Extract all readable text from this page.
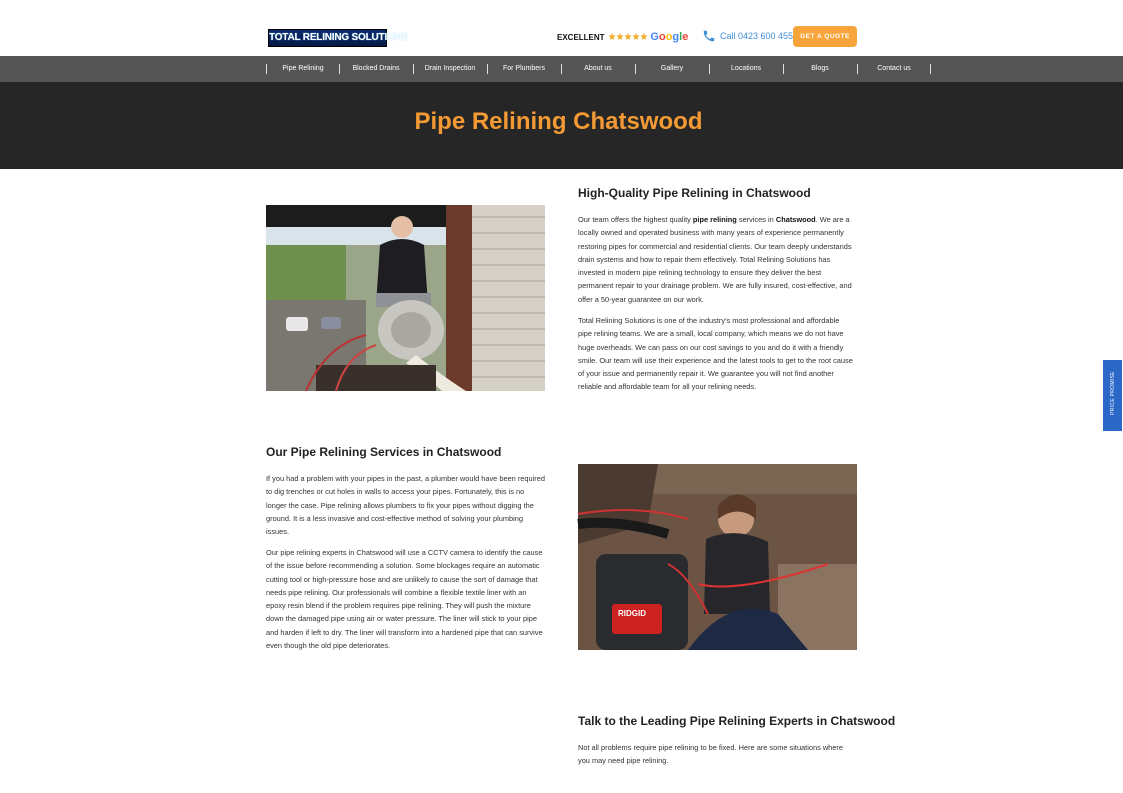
TOTAL RELINING SOLUTIONS	EXCELLENT ★★★★★ Google	Call 0423 600 455	GET A QUOTE
Pipe Relining	Blocked Drains	Drain Inspection	For Plumbers	About us	Gallery	Locations	Blogs	Contact us
Pipe Relining Chatswood
PRICE PROMISE
High-Quality Pipe Relining in Chatswood

Our team offers the highest quality pipe relining services in Chatswood. We are a locally owned and operated business with many years of experience permanently restoring pipes for commercial and residential clients. Our team deeply understands drain systems and how to repair them effectively. Total Relining Solutions has invested in modern pipe relining technology to ensure they deliver the best permanent repair to your drainage problem. We are fully insured, cost-effective, and offer a 50-year guarantee on our work.

Total Relining Solutions is one of the industry's most professional and affordable pipe relining teams. We are a small, local company, which means we do not have huge overheads. We can pass on our cost savings to you and do it with a friendly smile. Our team will use their experience and the latest tools to get to the root cause of your issue and permanently repair it. We guarantee you will not find another reliable and affordable team for all your relining needs.

Our Pipe Relining Services in Chatswood

If you had a problem with your pipes in the past, a plumber would have been required to dig trenches or cut holes in walls to access your pipes. Fortunately, this is no longer the case. Pipe relining allows plumbers to fix your pipes without digging the ground. It is a less invasive and cost-effective method of solving your plumbing issues.

Our pipe relining experts in Chatswood will use a CCTV camera to identify the cause of the issue before recommending a solution. Some blockages require an automatic cutting tool or high-pressure hose and are unlikely to cause the sort of damage that needs pipe relining. Our professionals will combine a flexible textile liner with an epoxy resin blend if the problem requires pipe relining. They will push the mixture down the damaged pipe using air or water pressure. The liner will stick to your pipe and harden if left to dry. The liner will transform into a hardened pipe that can survive even though the old pipe deteriorates.

RIDGID
Talk to the Leading Pipe Relining Experts in Chatswood

Not all problems require pipe relining to be fixed. Here are some situations where you may need pipe relining.
